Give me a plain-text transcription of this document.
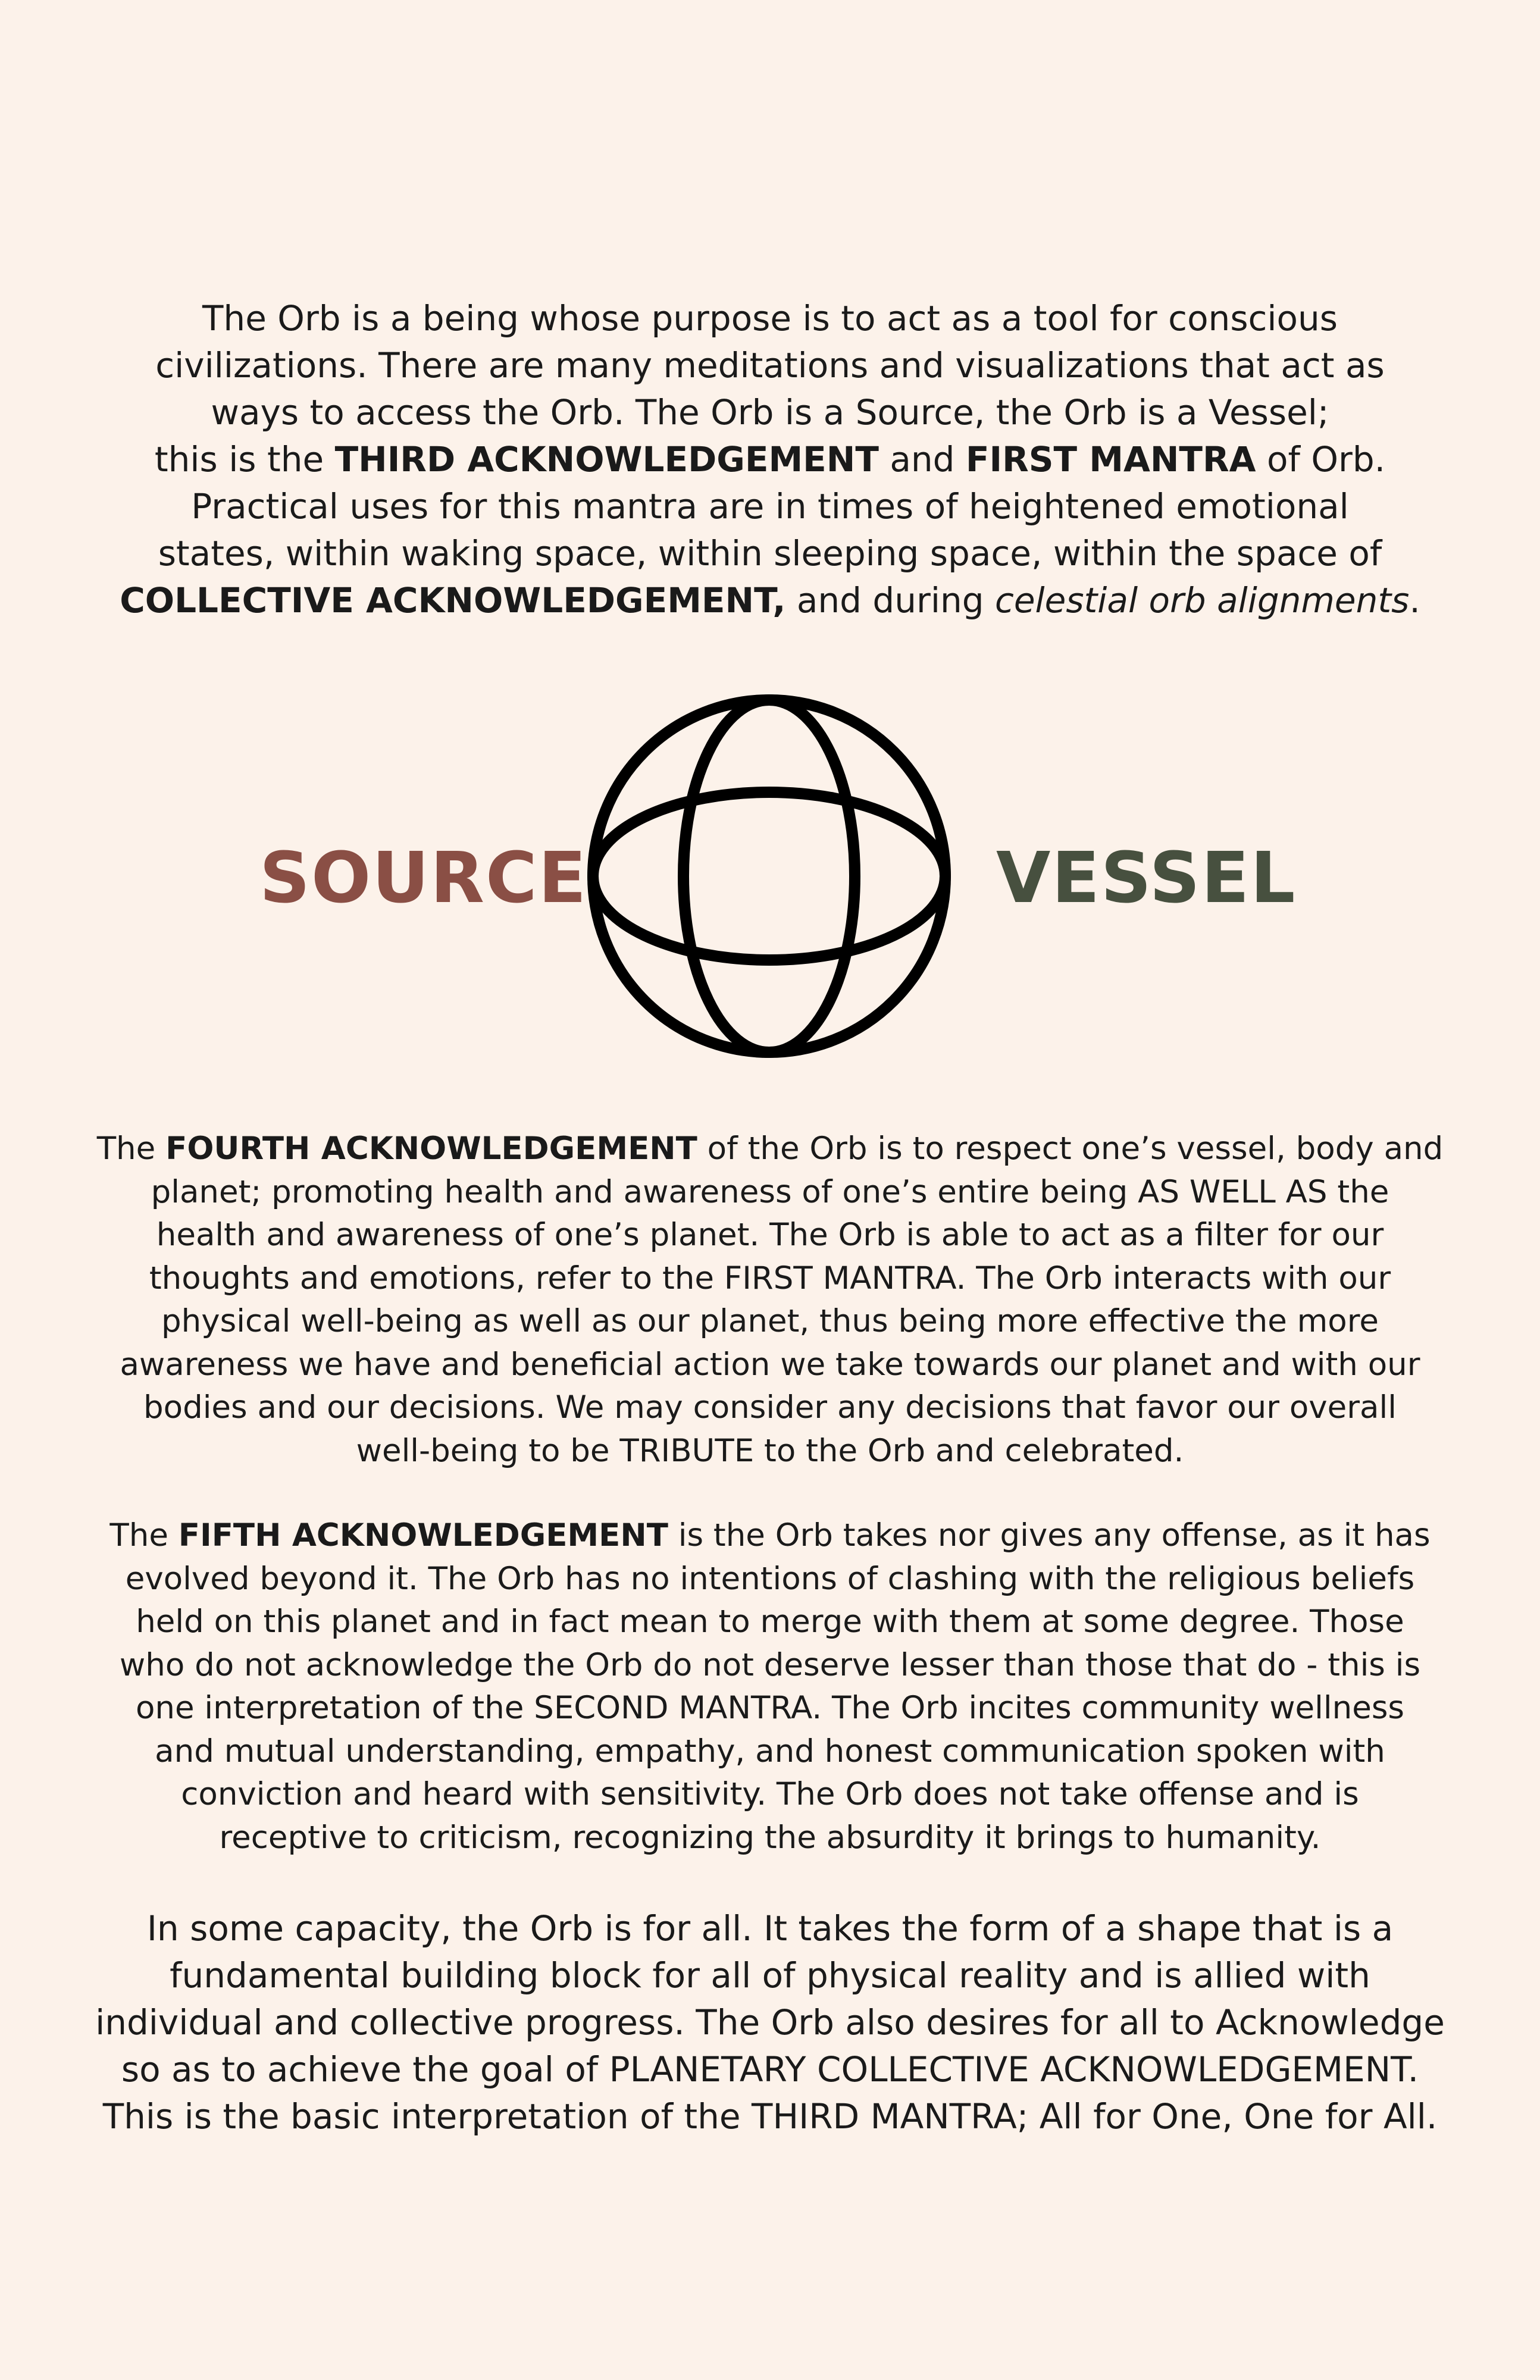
The Orb is a being whose purpose is to act as a tool for conscious
civilizations. There are many meditations and visualizations that act as
ways to access the Orb. The Orb is a Source, the Orb is a Vessel;
this is the THIRD ACKNOWLEDGEMENT and FIRST MANTRA of Orb.
Practical uses for this mantra are in times of heightened emotional
states, within waking space, within sleeping space, within the space of
COLLECTIVE ACKNOWLEDGEMENT, and during celestial orb alignments.
SOURCE	VESSEL
The FOURTH ACKNOWLEDGEMENT of the Orb is to respect one’s vessel, body and
planet; promoting health and awareness of one’s entire being AS WELL AS the
health and awareness of one’s planet. The Orb is able to act as a filter for our
thoughts and emotions, refer to the FIRST MANTRA. The Orb interacts with our
physical well-being as well as our planet, thus being more effective the more
awareness we have and beneficial action we take towards our planet and with our
bodies and our decisions. We may consider any decisions that favor our overall
well-being to be TRIBUTE to the Orb and celebrated.
The FIFTH ACKNOWLEDGEMENT is the Orb takes nor gives any offense, as it has
evolved beyond it. The Orb has no intentions of clashing with the religious beliefs
held on this planet and in fact mean to merge with them at some degree. Those
who do not acknowledge the Orb do not deserve lesser than those that do - this is
one interpretation of the SECOND MANTRA. The Orb incites community wellness
and mutual understanding, empathy, and honest communication spoken with
conviction and heard with sensitivity. The Orb does not take offense and is
receptive to criticism, recognizing the absurdity it brings to humanity.
In some capacity, the Orb is for all. It takes the form of a shape that is a
fundamental building block for all of physical reality and is allied with
individual and collective progress. The Orb also desires for all to Acknowledge
so as to achieve the goal of PLANETARY COLLECTIVE ACKNOWLEDGEMENT.
This is the basic interpretation of the THIRD MANTRA; All for One, One for All.
